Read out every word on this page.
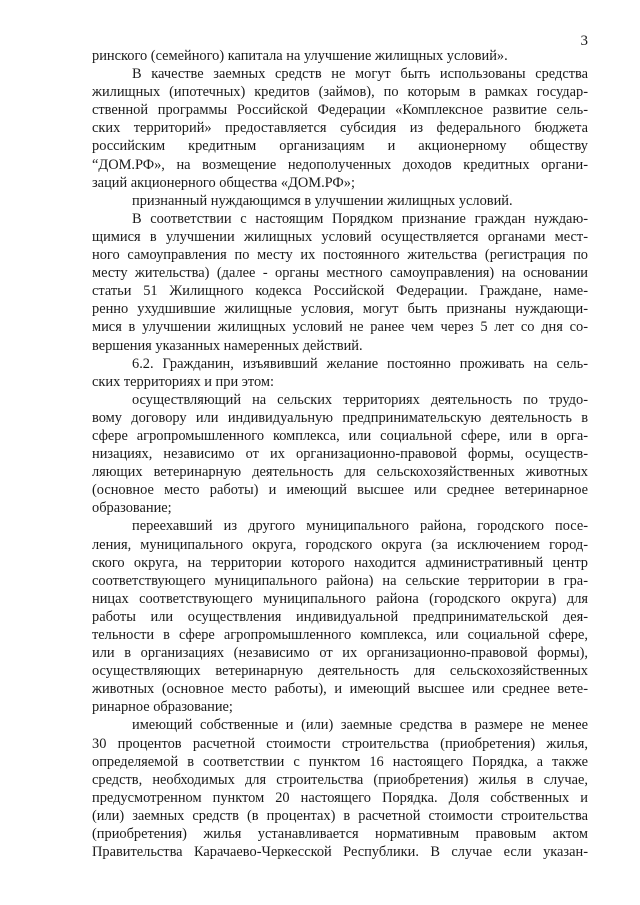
3

ринского (семейного) капитала на улучшение жилищных условий».

В качестве заемных средств не могут быть использованы средства

жилищных (ипотечных) кредитов (займов), по которым в рамках государ-

ственной программы Российской Федерации «Комплексное развитие сель-

ских территорий» предоставляется субсидия из федерального бюджета

российским кредитным организациям и акционерному обществу

“ДОМ.РФ», на возмещение недополученных доходов кредитных органи-

заций акционерного общества «ДОМ.РФ»;

признанный нуждающимся в улучшении жилищных условий.

В соответствии с настоящим Порядком признание граждан нуждаю-

щимися в улучшении жилищных условий осуществляется органами мест-

ного самоуправления по месту их постоянного жительства (регистрация по

месту жительства) (далее - органы местного самоуправления) на основании

статьи 51 Жилищного кодекса Российской Федерации. Граждане, наме-

ренно ухудшившие жилищные условия, могут быть признаны нуждающи-

мися в улучшении жилищных условий не ранее чем через 5 лет со дня со-

вершения указанных намеренных действий.

6.2. Гражданин, изъявивший желание постоянно проживать на сель-

ских территориях и при этом:

осуществляющий на сельских территориях деятельность по трудо-

вому договору или индивидуальную предпринимательскую деятельность в

сфере агропромышленного комплекса, или социальной сфере, или в орга-

низациях, независимо от их организационно-правовой формы, осуществ-

ляющих ветеринарную деятельность для сельскохозяйственных животных

(основное место работы) и имеющий высшее или среднее ветеринарное

образование;

переехавший из другого муниципального района, городского посе-

ления, муниципального округа, городского округа (за исключением город-

ского округа, на территории которого находится административный центр

соответствующего муниципального района) на сельские территории в гра-

ницах соответствующего муниципального района (городского округа) для

работы или осуществления индивидуальной предпринимательской дея-

тельности в сфере агропромышленного комплекса, или социальной сфере,

или в организациях (независимо от их организационно-правовой формы),

осуществляющих ветеринарную деятельность для сельскохозяйственных

животных (основное место работы), и имеющий высшее или среднее вете-

ринарное образование;

имеющий собственные и (или) заемные средства в размере не менее

30 процентов расчетной стоимости строительства (приобретения) жилья,

определяемой в соответствии с пунктом 16 настоящего Порядка, а также

средств, необходимых для строительства (приобретения) жилья в случае,

предусмотренном пунктом 20 настоящего Порядка. Доля собственных и

(или) заемных средств (в процентах) в расчетной стоимости строительства

(приобретения) жилья устанавливается нормативным правовым актом

Правительства Карачаево-Черкесской Республики. В случае если указан-
